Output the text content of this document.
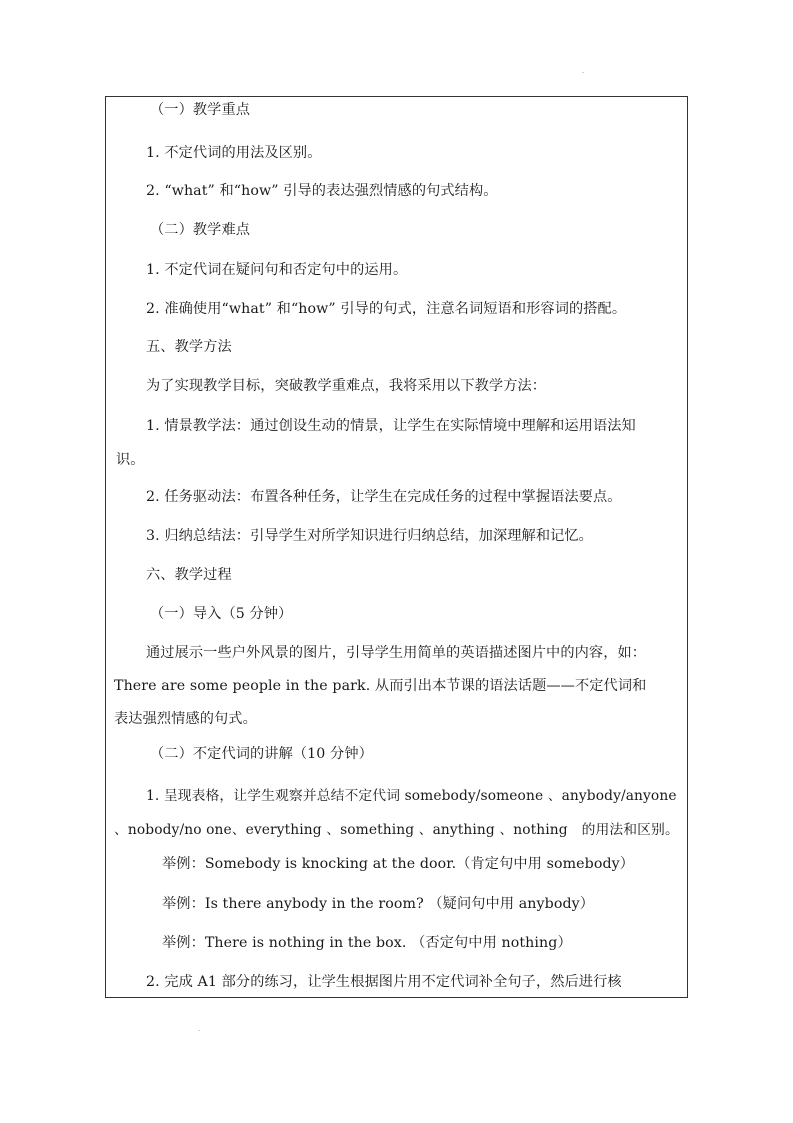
（一）教学重点
1. 不定代词的用法及区别。
2. “what” 和“how” 引导的表达强烈情感的句式结构。
（二）教学难点
1. 不定代词在疑问句和否定句中的运用。
2. 准确使用“what” 和“how” 引导的句式，注意名词短语和形容词的搭配。
五、教学方法
为了实现教学目标，突破教学重难点，我将采用以下教学方法：
1. 情景教学法：通过创设生动的情景，让学生在实际情境中理解和运用语法知识。
2. 任务驱动法：布置各种任务，让学生在完成任务的过程中掌握语法要点。
3. 归纳总结法：引导学生对所学知识进行归纳总结，加深理解和记忆。
六、教学过程
（一）导入（5 分钟）
通过展示一些户外风景的图片，引导学生用简单的英语描述图片中的内容，如：There are some people in the park. 从而引出本节课的语法话题——不定代词和表达强烈情感的句式。
（二）不定代词的讲解（10 分钟）
1. 呈现表格，让学生观察并总结不定代词 somebody/someone 、anybody/anyone 、nobody/no one、everything 、something 、anything 、nothing　的用法和区别。
举例：Somebody is knocking at the door.（肯定句中用 somebody）
举例：Is there anybody in the room? （疑问句中用 anybody）
举例：There is nothing in the box. （否定句中用 nothing）
2. 完成 A1 部分的练习，让学生根据图片用不定代词补全句子，然后进行核
